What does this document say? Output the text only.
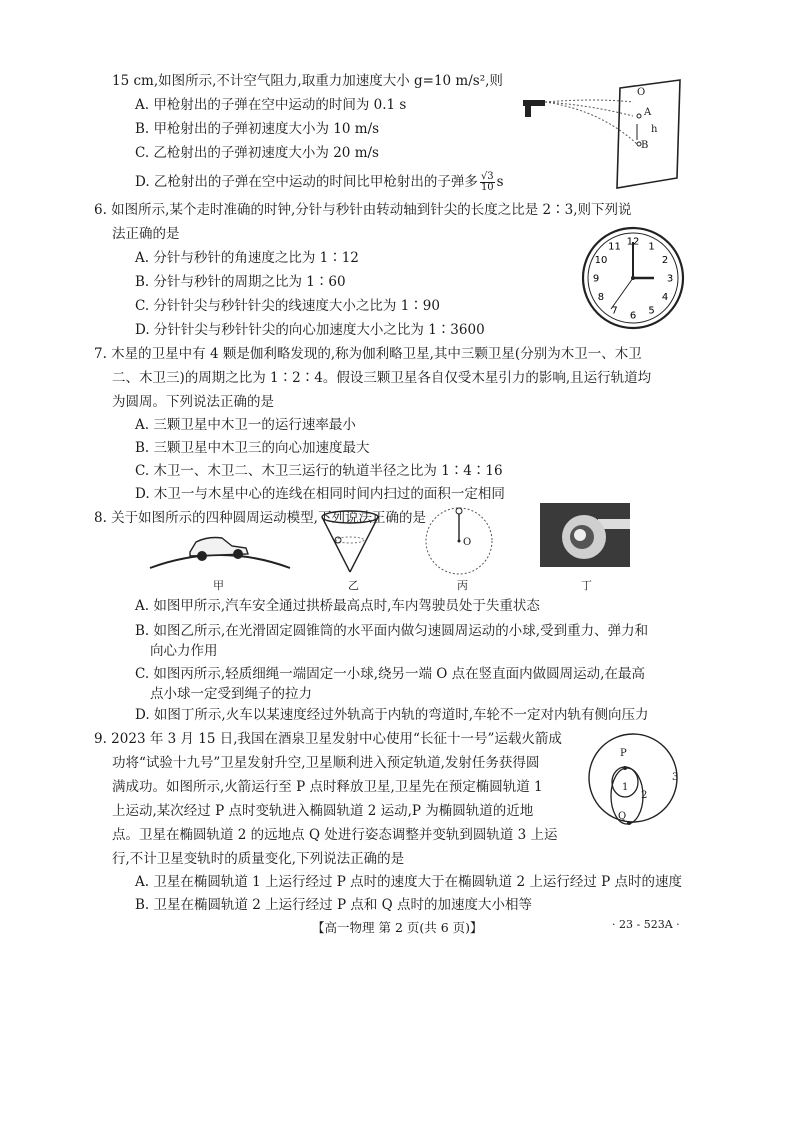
15 cm,如图所示,不计空气阻力,取重力加速度大小 g=10 m/s²,则
A. 甲枪射出的子弹在空中运动的时间为 0.1 s
B. 甲枪射出的子弹初速度大小为 10 m/s
C. 乙枪射出的子弹初速度大小为 20 m/s
D. 乙枪射出的子弹在空中运动的时间比甲枪射出的子弹多 $\frac{√3}{10}$ s
O
A
h
B
6. 如图所示,某个走时准确的时钟,分针与秒针由转动轴到针尖的长度之比是 2∶3,则下列说
法正确的是
A. 分针与秒针的角速度之比为 1∶12
B. 分针与秒针的周期之比为 1∶60
C. 分针针尖与秒针针尖的线速度大小之比为 1∶90
D. 分针针尖与秒针针尖的向心加速度大小之比为 1∶3600
12 1
2
3
4
5
6
7
8
9
10
11
7. 木星的卫星中有 4 颗是伽利略发现的,称为伽利略卫星,其中三颗卫星(分别为木卫一、木卫
二、木卫三)的周期之比为 1∶2∶4。假设三颗卫星各自仅受木星引力的影响,且运行轨道均
为圆周。下列说法正确的是
A. 三颗卫星中木卫一的运行速率最小
B. 三颗卫星中木卫三的向心加速度最大
C. 木卫一、木卫二、木卫三运行的轨道半径之比为 1∶4∶16
D. 木卫一与木星中心的连线在相同时间内扫过的面积一定相同
8. 关于如图所示的四种圆周运动模型,下列说法正确的是
O
甲	乙	丙	丁
A. 如图甲所示,汽车安全通过拱桥最高点时,车内驾驶员处于失重状态
B. 如图乙所示,在光滑固定圆锥筒的水平面内做匀速圆周运动的小球,受到重力、弹力和
向心力作用
C. 如图丙所示,轻质细绳一端固定一小球,绕另一端 O 点在竖直面内做圆周运动,在最高
点小球一定受到绳子的拉力
D. 如图丁所示,火车以某速度经过外轨高于内轨的弯道时,车轮不一定对内轨有侧向压力
9. 2023 年 3 月 15 日,我国在酒泉卫星发射中心使用“长征十一号”运载火箭成
功将“试验十九号”卫星发射升空,卫星顺利进入预定轨道,发射任务获得圆
满成功。如图所示,火箭运行至 P 点时释放卫星,卫星先在预定椭圆轨道 1
上运动,某次经过 P 点时变轨进入椭圆轨道 2 运动,P 为椭圆轨道的近地
点。卫星在椭圆轨道 2 的远地点 Q 处进行姿态调整并变轨到圆轨道 3 上运
行,不计卫星变轨时的质量变化,下列说法正确的是
A. 卫星在椭圆轨道 1 上运行经过 P 点时的速度大于在椭圆轨道 2 上运行经过 P 点时的速度
B. 卫星在椭圆轨道 2 上运行经过 P 点和 Q 点时的加速度大小相等
P
Q
1
2
3
【高一物理 第 2 页(共 6 页)】	· 23 - 523A ·
